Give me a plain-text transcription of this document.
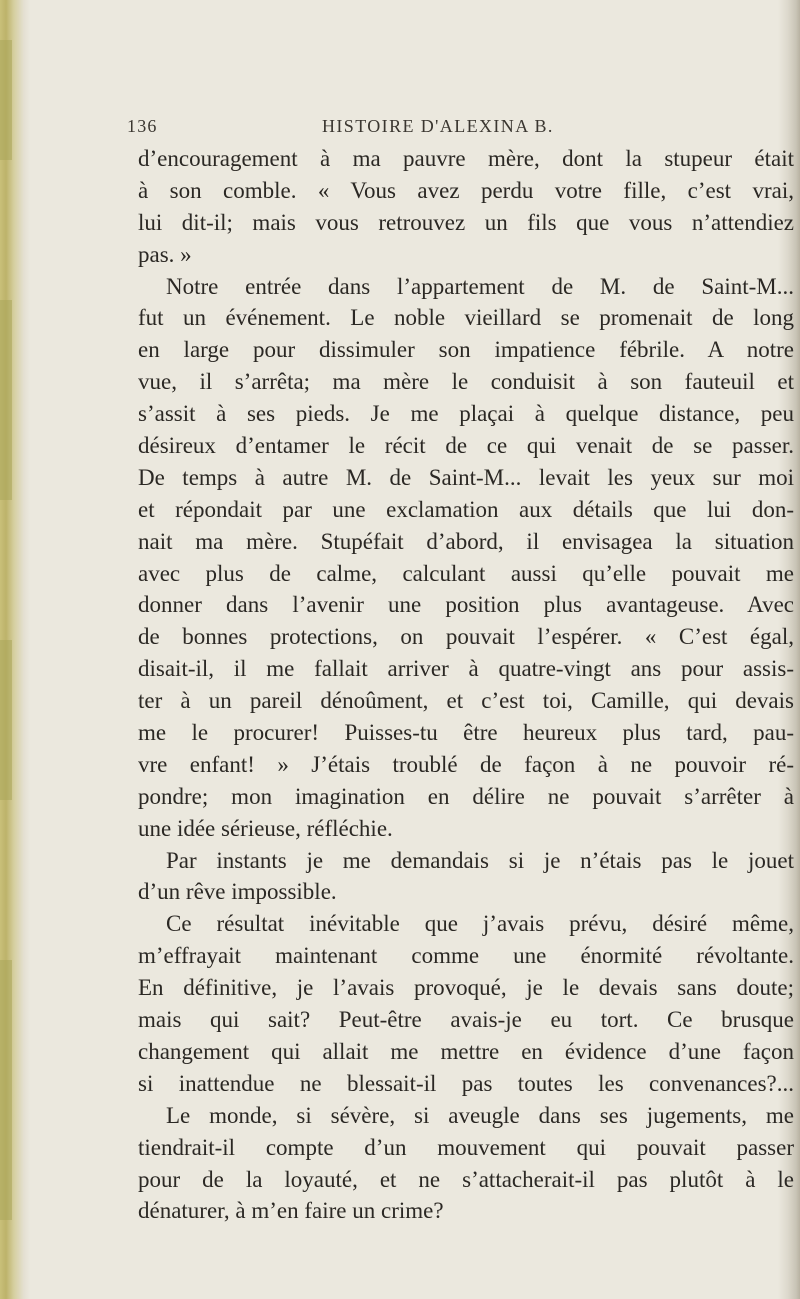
136	HISTOIRE D'ALEXINA B.
d’encouragement à ma pauvre mère, dont la stupeur était
à son comble. « Vous avez perdu votre fille, c’est vrai,
lui dit-il; mais vous retrouvez un fils que vous n’attendiez
pas. »
Notre entrée dans l’appartement de M. de Saint-M...
fut un événement. Le noble vieillard se promenait de long
en large pour dissimuler son impatience fébrile. A notre
vue, il s’arrêta; ma mère le conduisit à son fauteuil et
s’assit à ses pieds. Je me plaçai à quelque distance, peu
désireux d’entamer le récit de ce qui venait de se passer.
De temps à autre M. de Saint-M... levait les yeux sur moi
et répondait par une exclamation aux détails que lui don-
nait ma mère. Stupéfait d’abord, il envisagea la situation
avec plus de calme, calculant aussi qu’elle pouvait me
donner dans l’avenir une position plus avantageuse. Avec
de bonnes protections, on pouvait l’espérer. « C’est égal,
disait-il, il me fallait arriver à quatre-vingt ans pour assis-
ter à un pareil dénoûment, et c’est toi, Camille, qui devais
me le procurer! Puisses-tu être heureux plus tard, pau-
vre enfant! » J’étais troublé de façon à ne pouvoir ré-
pondre; mon imagination en délire ne pouvait s’arrêter à
une idée sérieuse, réfléchie.
Par instants je me demandais si je n’étais pas le jouet
d’un rêve impossible.
Ce résultat inévitable que j’avais prévu, désiré même,
m’effrayait maintenant comme une énormité révoltante.
En définitive, je l’avais provoqué, je le devais sans doute;
mais qui sait? Peut-être avais-je eu tort. Ce brusque
changement qui allait me mettre en évidence d’une façon
si inattendue ne blessait-il pas toutes les convenances?...
Le monde, si sévère, si aveugle dans ses jugements, me
tiendrait-il compte d’un mouvement qui pouvait passer
pour de la loyauté, et ne s’attacherait-il pas plutôt à le
dénaturer, à m’en faire un crime?
